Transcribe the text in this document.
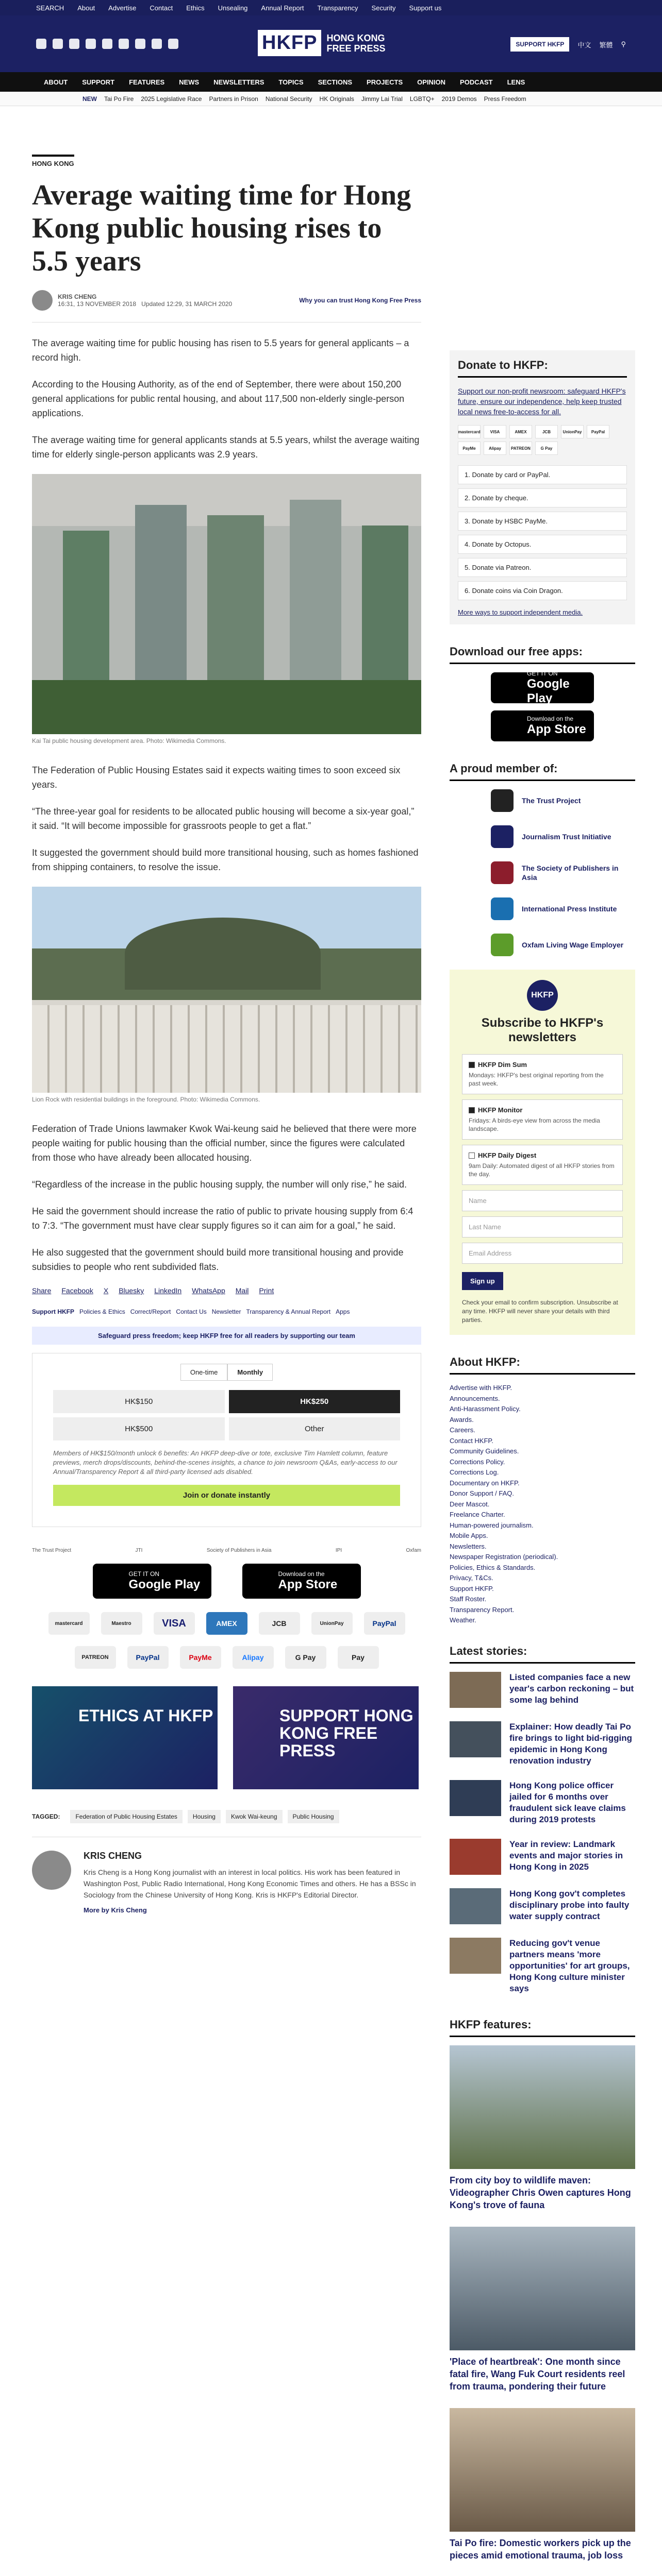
SEARCH About Advertise Contact Ethics Unsealing Annual Report Transparency Security Support us
HKFP	HONG KONG
FREE PRESS	SUPPORT HKFP	中文 繁體 ⚲
ABOUT SUPPORT FEATURES NEWS NEWSLETTERS TOPICS SECTIONS PROJECTS OPINION PODCAST LENS
NEW Tai Po Fire 2025 Legislative Race Partners in Prison National Security HK Originals Jimmy Lai Trial LGBTQ+ 2019 Demos Press Freedom
HONG KONG
Average waiting time for Hong Kong public housing rises to 5.5 years
KRIS CHENG
16:31, 13 NOVEMBER 2018 Updated 12:29, 31 MARCH 2020	Why you can trust Hong Kong Free Press

The average waiting time for public housing has risen to 5.5 years for general applicants – a record high.

According to the Housing Authority, as of the end of September, there were about 150,200 general applications for public rental housing, and about 117,500 non-elderly single-person applications.

The average waiting time for general applicants stands at 5.5 years, whilst the average waiting time for elderly single-person applicants was 2.9 years.

Kai Tai public housing development area. Photo: Wikimedia Commons.

The Federation of Public Housing Estates said it expects waiting times to soon exceed six years.

“The three-year goal for residents to be allocated public housing will become a six-year goal,” it said. “It will become impossible for grassroots people to get a flat.”

It suggested the government should build more transitional housing, such as homes fashioned from shipping containers, to resolve the issue.

Lion Rock with residential buildings in the foreground. Photo: Wikimedia Commons.

Federation of Trade Unions lawmaker Kwok Wai-keung said he believed that there were more people waiting for public housing than the official number, since the figures were calculated from those who have already been allocated housing.

“Regardless of the increase in the public housing supply, the number will only rise,” he said.

He said the government should increase the ratio of public to private housing supply from 6:4 to 7:3. “The government must have clear supply figures so it can aim for a goal,” he said.

He also suggested that the government should build more transitional housing and provide subsidies to people who rent subdivided flats.

Share Facebook X Bluesky LinkedIn WhatsApp Mail Print
Support HKFP Policies & Ethics Correct/Report Contact Us Newsletter Transparency & Annual Report Apps
Safeguard press freedom; keep HKFP free for all readers by supporting our team
One-time	Monthly
HK$150	HK$250
HK$500	Other
Members of HK$150/month unlock 6 benefits: An HKFP deep-dive or tote, exclusive Tim Hamlett column, feature previews, merch drops/discounts, behind-the-scenes insights, a chance to join newsroom Q&As, early-access to our Annual/Transparency Report & all third-party licensed ads disabled.
Join or donate instantly
The Trust Project	JTI	Society of Publishers in Asia	IPI	Oxfam
GET IT ON
Google Play
Download on the
App Store
mastercard	Maestro	VISA	AMEX	JCB	UnionPay	PayPal
PATREON	PayPal	PayMe	Alipay	G Pay	Pay
ETHICS AT HKFP	SUPPORT HONG KONG FREE PRESS
TAGGED:	Federation of Public Housing Estates	Housing	Kwok Wai-keung	Public Housing
KRIS CHENG

Kris Cheng is a Hong Kong journalist with an interest in local politics. His work has been featured in Washington Post, Public Radio International, Hong Kong Economic Times and others. He has a BSSc in Sociology from the Chinese University of Hong Kong. Kris is HKFP's Editorial Director.

More by Kris Cheng
Donate to HKFP:
Support our non-profit newsroom: safeguard HKFP's future, ensure our independence, help keep trusted local news free-to-access for all.
mastercard	VISA	AMEX	JCB	UnionPay	PayPal
PayMe	Alipay	PATREON	G Pay
1. Donate by card or PayPal.
2. Donate by cheque.
3. Donate by HSBC PayMe.
4. Donate by Octopus.
5. Donate via Patreon.
6. Donate coins via Coin Dragon.
More ways to support independent media.
Download our free apps:
GET IT ON
Google Play
Download on the
App Store
A proud member of:
The Trust Project
Journalism Trust Initiative
The Society of Publishers in Asia
International Press Institute
Oxfam Living Wage Employer
HKFP
Subscribe to HKFP's newsletters
HKFP Dim Sum
Mondays: HKFP's best original reporting from the past week.
HKFP Monitor
Fridays: A birds-eye view from across the media landscape.
HKFP Daily Digest
9am Daily: Automated digest of all HKFP stories from the day.
Name
Last Name
Email Address
Sign up
Check your email to confirm subscription. Unsubscribe at any time. HKFP will never share your details with third parties.
About HKFP:
Advertise with HKFP.
Announcements.
Anti-Harassment Policy.
Awards.
Careers.
Contact HKFP.
Community Guidelines.
Corrections Policy.
Corrections Log.
Documentary on HKFP.
Donor Support / FAQ.
Deer Mascot.
Freelance Charter.
Human-powered journalism.
Mobile Apps.
Newsletters.
Newspaper Registration (periodical).
Policies, Ethics & Standards.
Privacy, T&Cs.
Support HKFP.
Staff Roster.
Transparency Report.
Weather.
Latest stories:
Listed companies face a new year's carbon reckoning – but some lag behind
Explainer: How deadly Tai Po fire brings to light bid-rigging epidemic in Hong Kong renovation industry
Hong Kong police officer jailed for 6 months over fraudulent sick leave claims during 2019 protests
Year in review: Landmark events and major stories in Hong Kong in 2025
Hong Kong gov't completes disciplinary probe into faulty water supply contract
Reducing gov't venue partners means 'more opportunities' for art groups, Hong Kong culture minister says
HKFP features:
From city boy to wildlife maven: Videographer Chris Owen captures Hong Kong's trove of fauna
'Place of heartbreak': One month since fatal fire, Wang Fuk Court residents reel from trauma, pondering their future
Tai Po fire: Domestic workers pick up the pieces amid emotional trauma, job loss
